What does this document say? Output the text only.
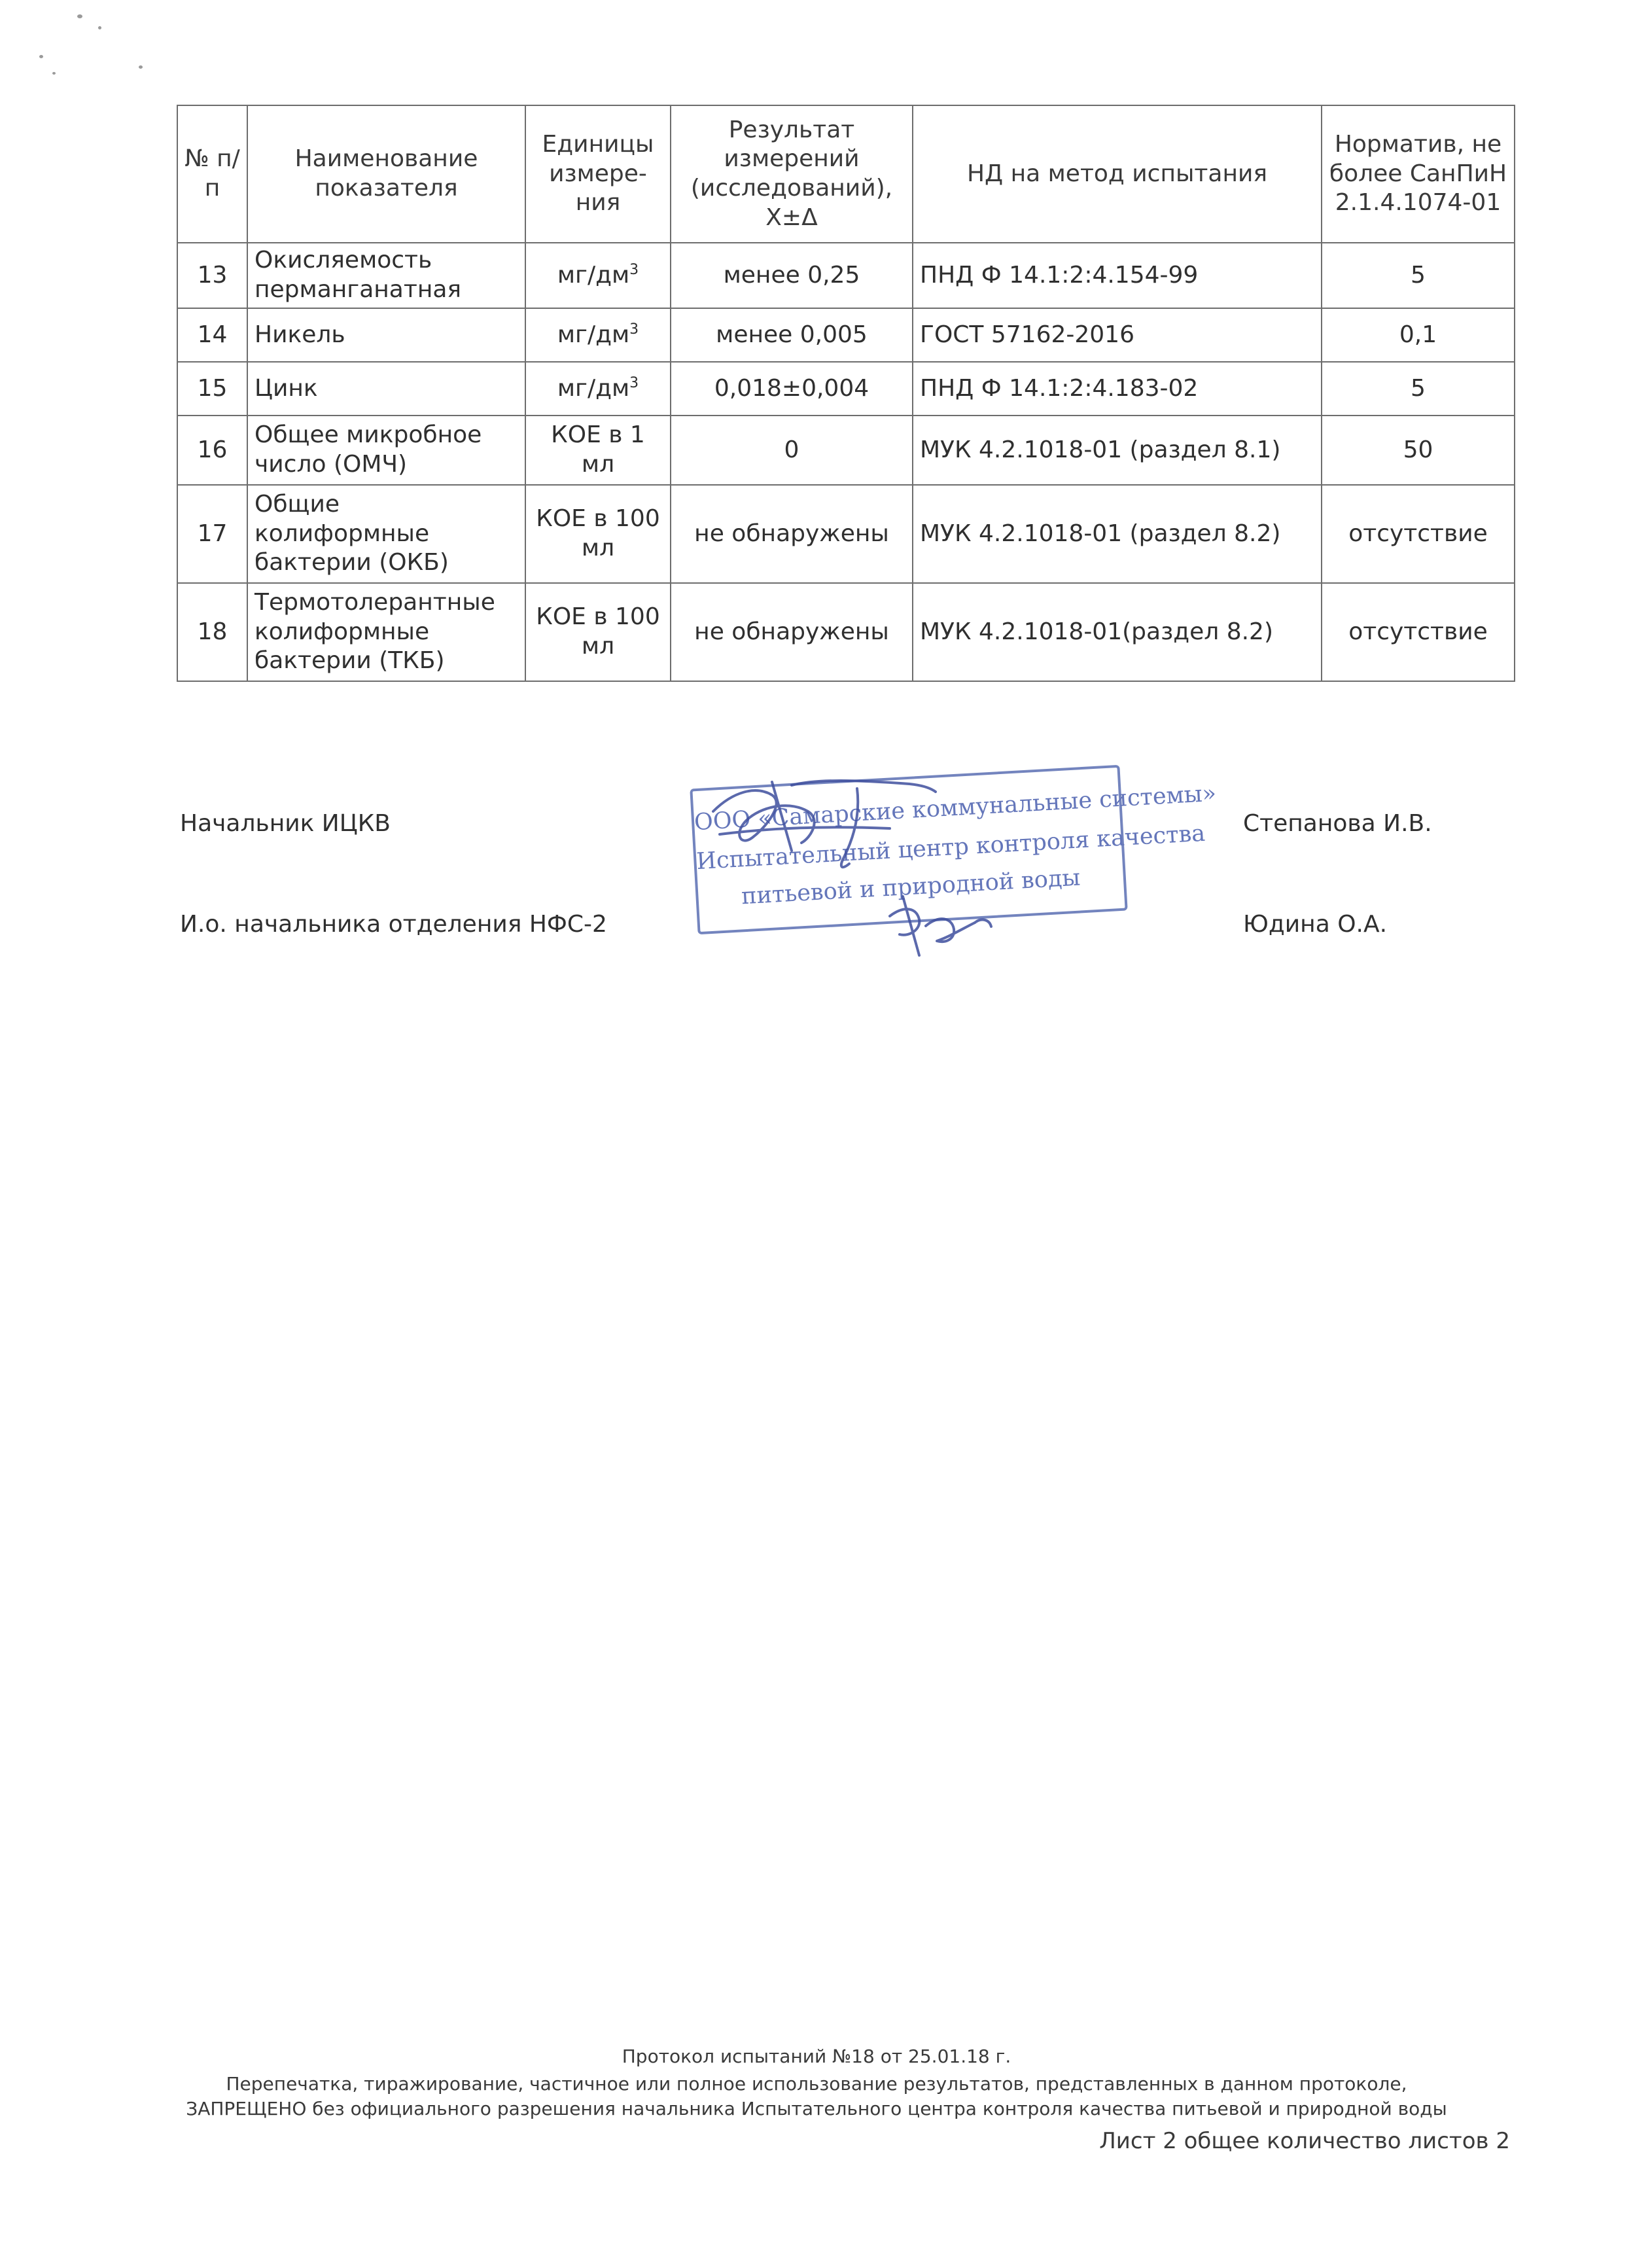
№ п/п	Наименование показателя	Единицы измере-ния	Результат измерений (исследований), Х±Δ	НД на метод испытания	Норматив, не более СанПиН 2.1.4.1074-01
13	Окисляемость перманганатная	$мг/дм^3$	менее 0,25	ПНД Ф 14.1:2:4.154-99	5
14	Никель	$мг/дм^3$	менее 0,005	ГОСТ 57162-2016	0,1
15	Цинк	$мг/дм^3$	0,018±0,004	ПНД Ф 14.1:2:4.183-02	5
16	Общее микробное число (ОМЧ)	КОЕ в 1 мл	0	МУК 4.2.1018-01 (раздел 8.1)	50
17	Общие колиформные бактерии (ОКБ)	КОЕ в 100 мл	не обнаружены	МУК 4.2.1018-01 (раздел 8.2)	отсутствие
18	Термотолерантные колиформные бактерии (ТКБ)	КОЕ в 100 мл	не обнаружены	МУК 4.2.1018-01(раздел 8.2)	отсутствие
Начальник ИЦКВ	Степанова И.В.
И.о. начальника отделения НФС-2	Юдина О.А.
ООО «Самарские коммунальные системы»
Испытательный центр контроля качества
питьевой и природной воды
Протокол испытаний №18 от 25.01.18 г.
Перепечатка, тиражирование, частичное или полное использование результатов, представленных в данном протоколе,
ЗАПРЕЩЕНО без официального разрешения начальника Испытательного центра контроля качества питьевой и природной воды
Лист 2 общее количество листов 2
